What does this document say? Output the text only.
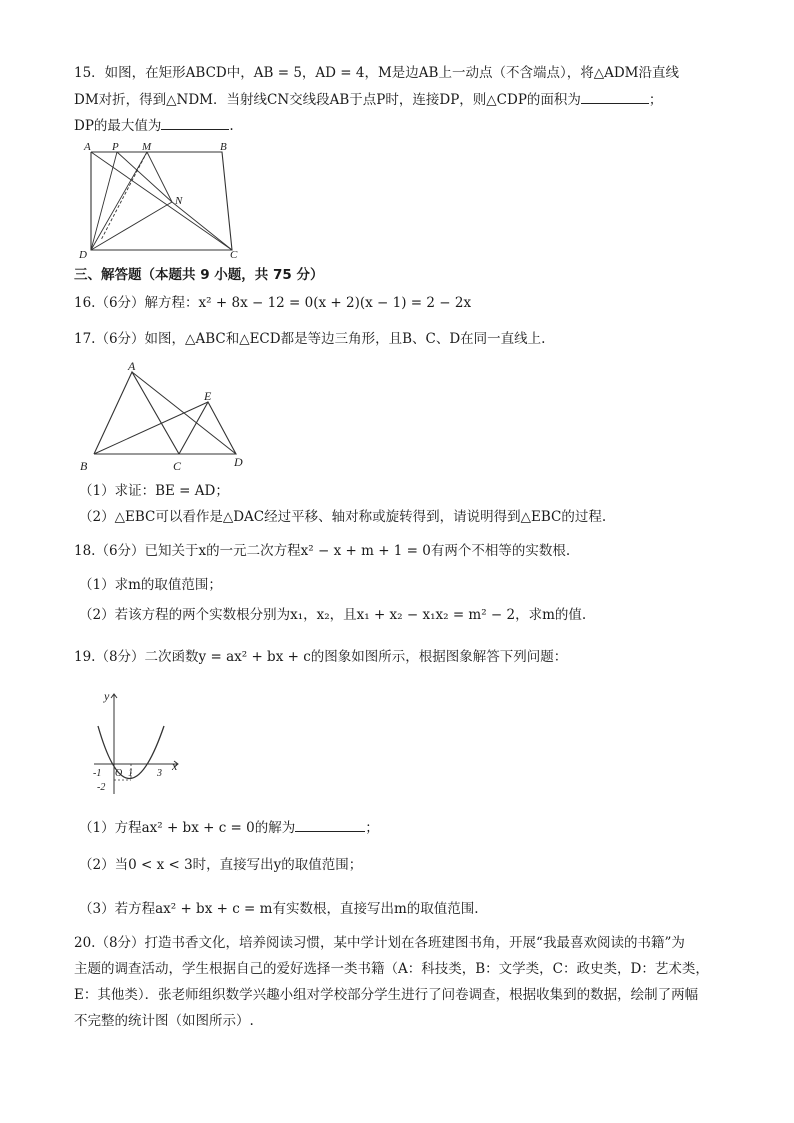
15．如图，在矩形ABCD中，AB = 5，AD = 4，M是边AB上一动点（不含端点），将△ADM沿直线
DM对折，得到△NDM．当射线CN交线段AB于点P时，连接DP，则△CDP的面积为	；
DP的最大值为	.
A P M	B
N
D	C
三、解答题（本题共 9 小题，共 75 分）
16.（6分）解方程：x² + 8x − 12 = 0(x + 2)(x − 1) = 2 − 2x
17.（6分）如图，△ABC和△ECD都是等边三角形，且B、C、D在同一直线上.
A
E
B	C	D
（1）求证：BE = AD；
（2）△EBC可以看作是△DAC经过平移、轴对称或旋转得到，请说明得到△EBC的过程.
18.（6分）已知关于x的一元二次方程x² − x + m + 1 = 0有两个不相等的实数根.
（1）求m的取值范围；
（2）若该方程的两个实数根分别为x₁，x₂，且x₁ + x₂ − x₁x₂ = m² − 2，求m的值.
19.（8分）二次函数y = ax² + bx + c的图象如图所示，根据图象解答下列问题：
y
x
-1 O 1 3
-2
（1）方程ax² + bx + c = 0的解为	；
（2）当0 < x < 3时，直接写出y的取值范围；
（3）若方程ax² + bx + c = m有实数根，直接写出m的取值范围.
20.（8分）打造书香文化，培养阅读习惯，某中学计划在各班建图书角，开展“我最喜欢阅读的书籍”为
主题的调查活动，学生根据自己的爱好选择一类书籍（A：科技类，B：文学类，C：政史类，D：艺术类，
E：其他类）．张老师组织数学兴趣小组对学校部分学生进行了问卷调查，根据收集到的数据，绘制了两幅
不完整的统计图（如图所示）.
